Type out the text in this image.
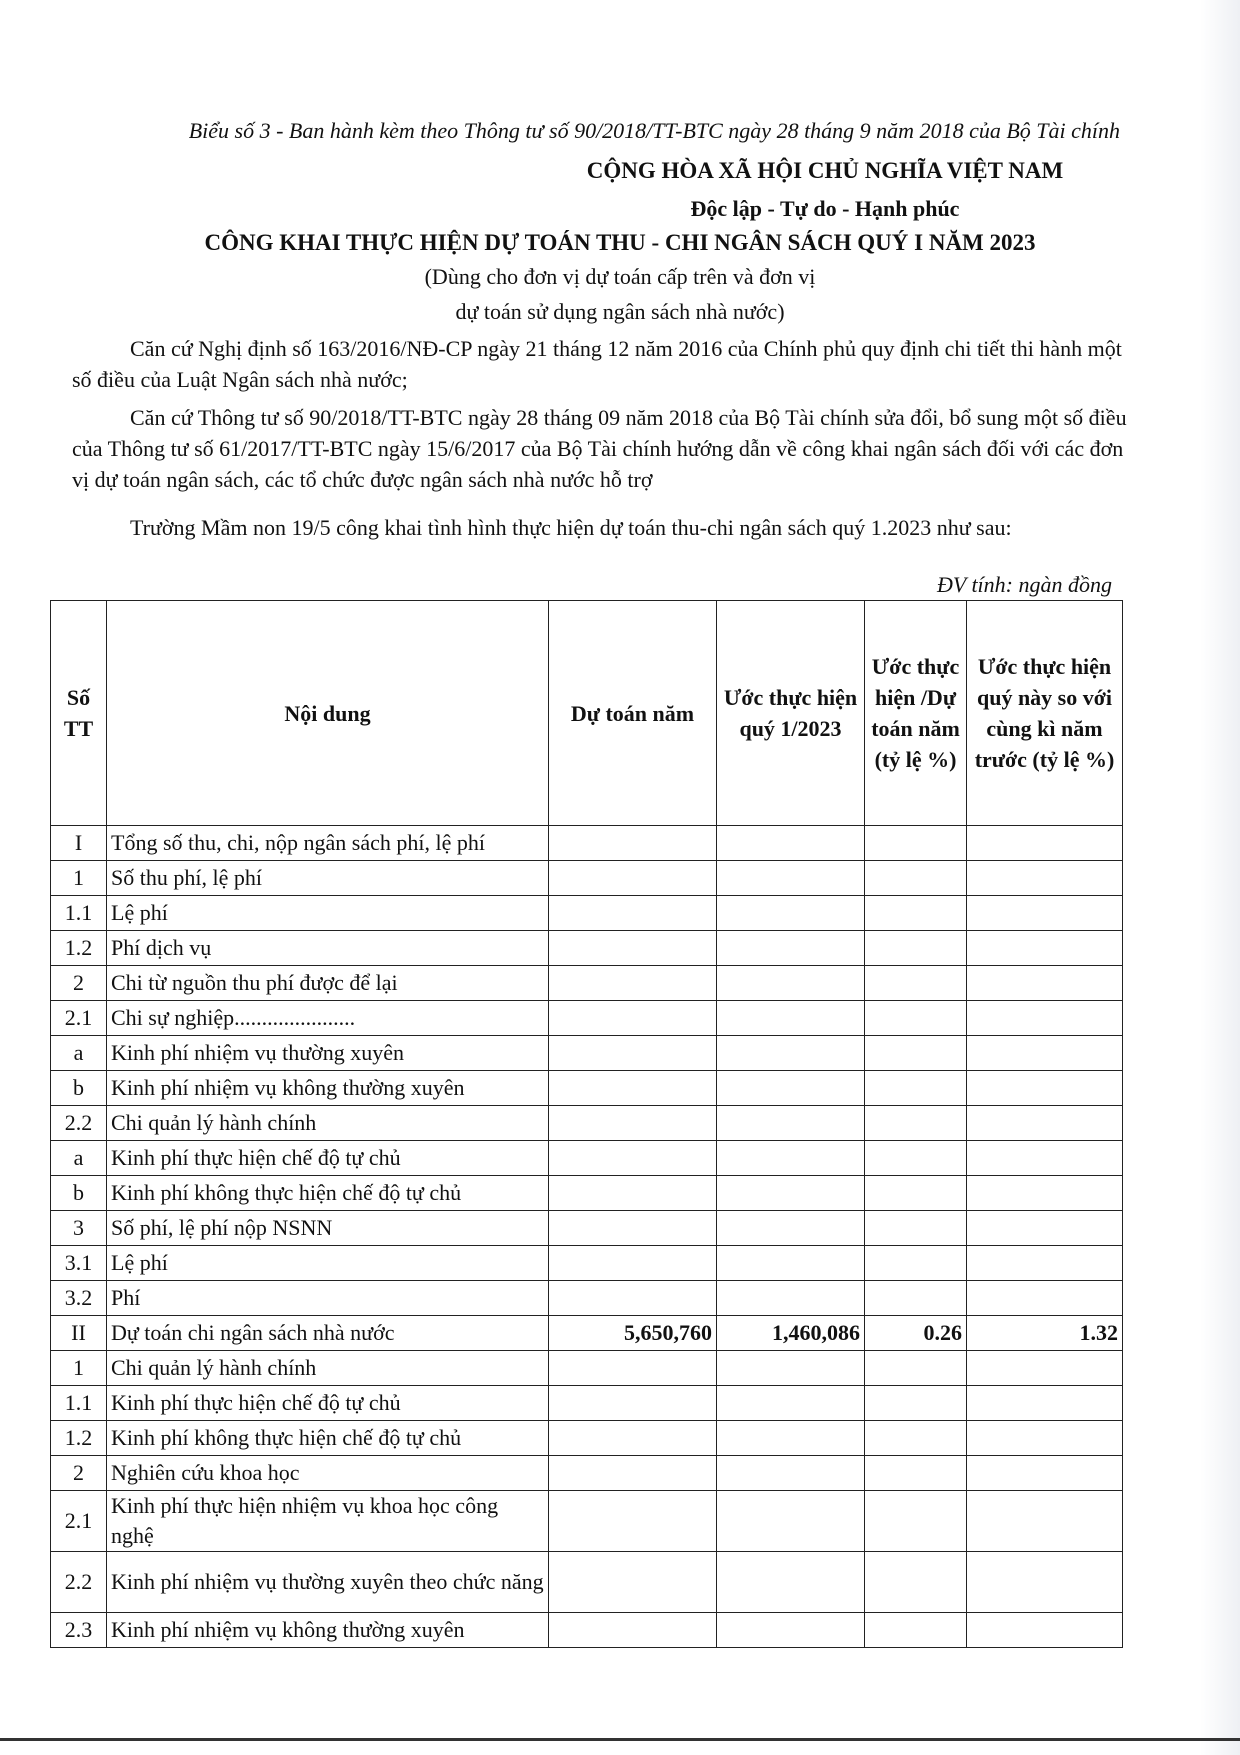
Biểu số 3 - Ban hành kèm theo Thông tư số 90/2018/TT-BTC ngày 28 tháng 9 năm 2018 của Bộ Tài chính
CỘNG HÒA XÃ HỘI CHỦ NGHĨA VIỆT NAM
Độc lập - Tự do - Hạnh phúc
CÔNG KHAI THỰC HIỆN DỰ TOÁN THU - CHI NGÂN SÁCH QUÝ I NĂM 2023
(Dùng cho đơn vị dự toán cấp trên và đơn vị
dự toán sử dụng ngân sách nhà nước)
Căn cứ Nghị định số 163/2016/NĐ-CP ngày 21 tháng 12 năm 2016 của Chính phủ quy định chi tiết thi hành một số điều của Luật Ngân sách nhà nước;
Căn cứ Thông tư số 90/2018/TT-BTC ngày 28 tháng 09 năm 2018 của Bộ Tài chính sửa đổi, bổ sung một số điều của Thông tư số 61/2017/TT-BTC ngày 15/6/2017 của Bộ Tài chính hướng dẫn về công khai ngân sách đối với các đơn vị dự toán ngân sách, các tổ chức được ngân sách nhà nước hỗ trợ
Trường Mầm non 19/5 công khai tình hình thực hiện dự toán thu-chi ngân sách quý 1.2023 như sau:
ĐV tính: ngàn đồng
Số TT	Nội dung	Dự toán năm	Ước thực hiện quý 1/2023	Ước thực hiện /Dự toán năm (tỷ lệ %)	Ước thực hiện quý này so với cùng kì năm trước (tỷ lệ %)
I	Tổng số thu, chi, nộp ngân sách phí, lệ phí				
1	Số thu phí, lệ phí				
1.1	Lệ phí				
1.2	Phí dịch vụ				
2	Chi từ nguồn thu phí được để lại				
2.1	Chi sự nghiệp......................				
a	Kinh phí nhiệm vụ thường xuyên				
b	Kinh phí nhiệm vụ không thường xuyên				
2.2	Chi quản lý hành chính				
a	Kinh phí thực hiện chế độ tự chủ				
b	Kinh phí không thực hiện chế độ tự chủ				
3	Số phí, lệ phí nộp NSNN				
3.1	Lệ phí				
3.2	Phí				
II	Dự toán chi ngân sách nhà nước	5,650,760	1,460,086	0.26	1.32
1	Chi quản lý hành chính				
1.1	Kinh phí thực hiện chế độ tự chủ				
1.2	Kinh phí không thực hiện chế độ tự chủ				
2	Nghiên cứu khoa học				
2.1	Kinh phí thực hiện nhiệm vụ khoa học công nghệ				
2.2	Kinh phí nhiệm vụ thường xuyên theo chức năng				
2.3	Kinh phí nhiệm vụ không thường xuyên				
